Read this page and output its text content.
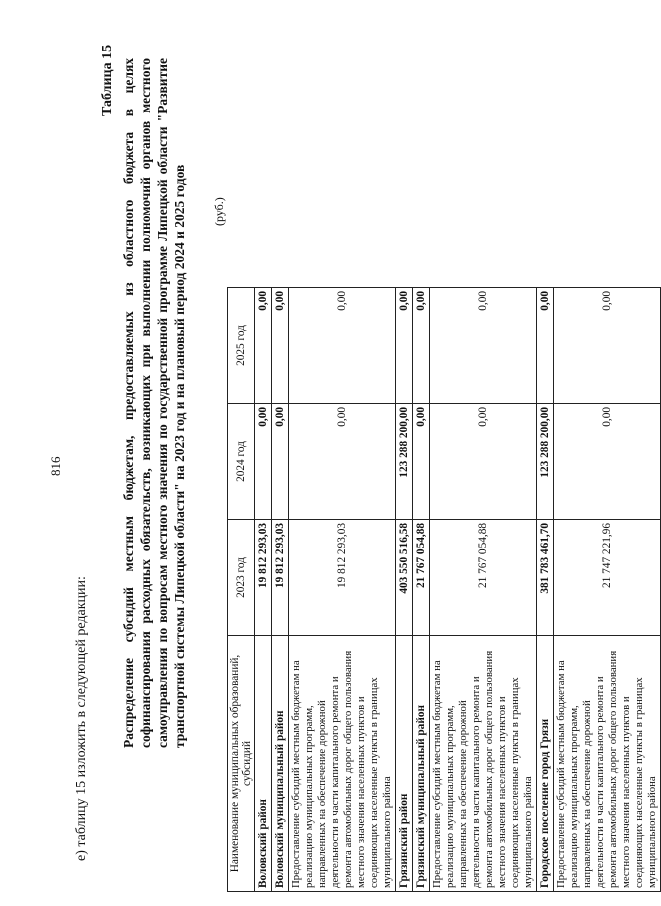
816
е) таблицу 15 изложить в следующей редакции:
Таблица 15 Распределение субсидий местным бюджетам, предоставляемых из областного бюджета в целях софинансирования расходных обязательств, возникающих при выполнении полномочий органов местного самоуправления по вопросам местного значения по государственной программе Липецкой области "Развитие транспортной системы Липецкой области" на 2023 год и на плановый период 2024 и 2025 годов (руб.)
Наименование муниципальных образований, субсидий	2023 год	2024 год	2025 год
Воловский район	19 812 293,03	0,00	0,00
Воловский муниципальный район	19 812 293,03	0,00	0,00
Предоставление субсидий местным бюджетам на реализацию муниципальных программ, направленных на обеспечение дорожной деятельности в части капитального ремонта и ремонта автомобильных дорог общего пользования местного значения населенных пунктов и соединяющих населенные пункты в границах муниципального района	19 812 293,03	0,00	0,00
Грязинский район	403 550 516,58	123 288 200,00	0,00
Грязинский муниципальный район	21 767 054,88	0,00	0,00
Предоставление субсидий местным бюджетам на реализацию муниципальных программ, направленных на обеспечение дорожной деятельности в части капитального ремонта и ремонта автомобильных дорог общего пользования местного значения населенных пунктов и соединяющих населенные пункты в границах муниципального района	21 767 054,88	0,00	0,00
Городское поселение город Грязи	381 783 461,70	123 288 200,00	0,00
Предоставление субсидий местным бюджетам на реализацию муниципальных программ, направленных на обеспечение дорожной деятельности в части капитального ремонта и ремонта автомобильных дорог общего пользования местного значения населенных пунктов и соединяющих населенные пункты в границах муниципального района	21 747 221,96	0,00	0,00
